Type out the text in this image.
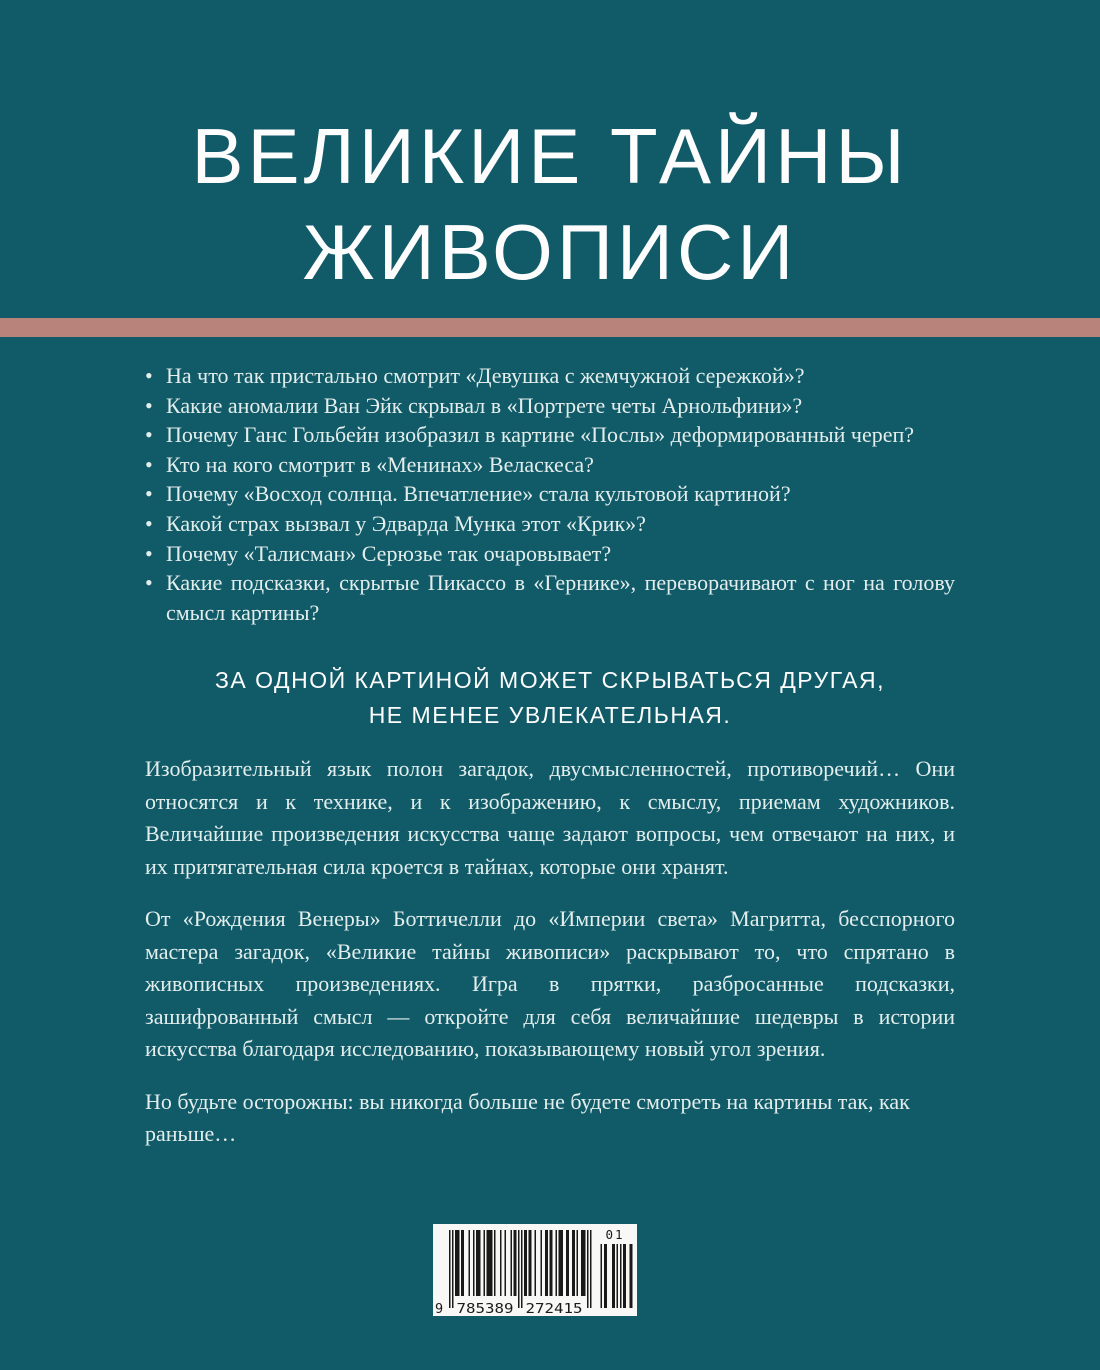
ВЕЛИКИЕ ТАЙНЫ
ЖИВОПИСИ
• На что так пристально смотрит «Девушка с жемчужной сережкой»?
• Какие аномалии Ван Эйк скрывал в «Портрете четы Арнольфини»?
• Почему Ганс Гольбейн изобразил в картине «Послы» деформированный череп?
• Кто на кого смотрит в «Менинах» Веласкеса?
• Почему «Восход солнца. Впечатление» стала культовой картиной?
• Какой страх вызвал у Эдварда Мунка этот «Крик»?
• Почему «Талисман» Серюзье так очаровывает?
• Какие подсказки, скрытые Пикассо в «Гернике», переворачивают с ног на голову смысл картины?
ЗА ОДНОЙ КАРТИНОЙ МОЖЕТ СКРЫВАТЬСЯ ДРУГАЯ,
НЕ МЕНЕЕ УВЛЕКАТЕЛЬНАЯ.

Изобразительный язык полон загадок, двусмысленностей, противоречий… Они относятся и к технике, и к изображению, к смыслу, приемам художников. Величайшие произведения искусства чаще задают вопросы, чем отвечают на них, и их притягательная сила кроется в тайнах, которые они хранят.

От «Рождения Венеры» Боттичелли до «Империи света» Магритта, бесспорного мастера загадок, «Великие тайны живописи» раскрывают то, что спрятано в живописных произведениях. Игра в прятки, разбросанные подсказки, зашифрованный смысл — откройте для себя величайшие шедевры в истории искусства благодаря исследованию, показывающему новый угол зрения.

Но будьте осторожны: вы никогда больше не будете смотреть на картины так, как раньше…

9 785389 272415
01
